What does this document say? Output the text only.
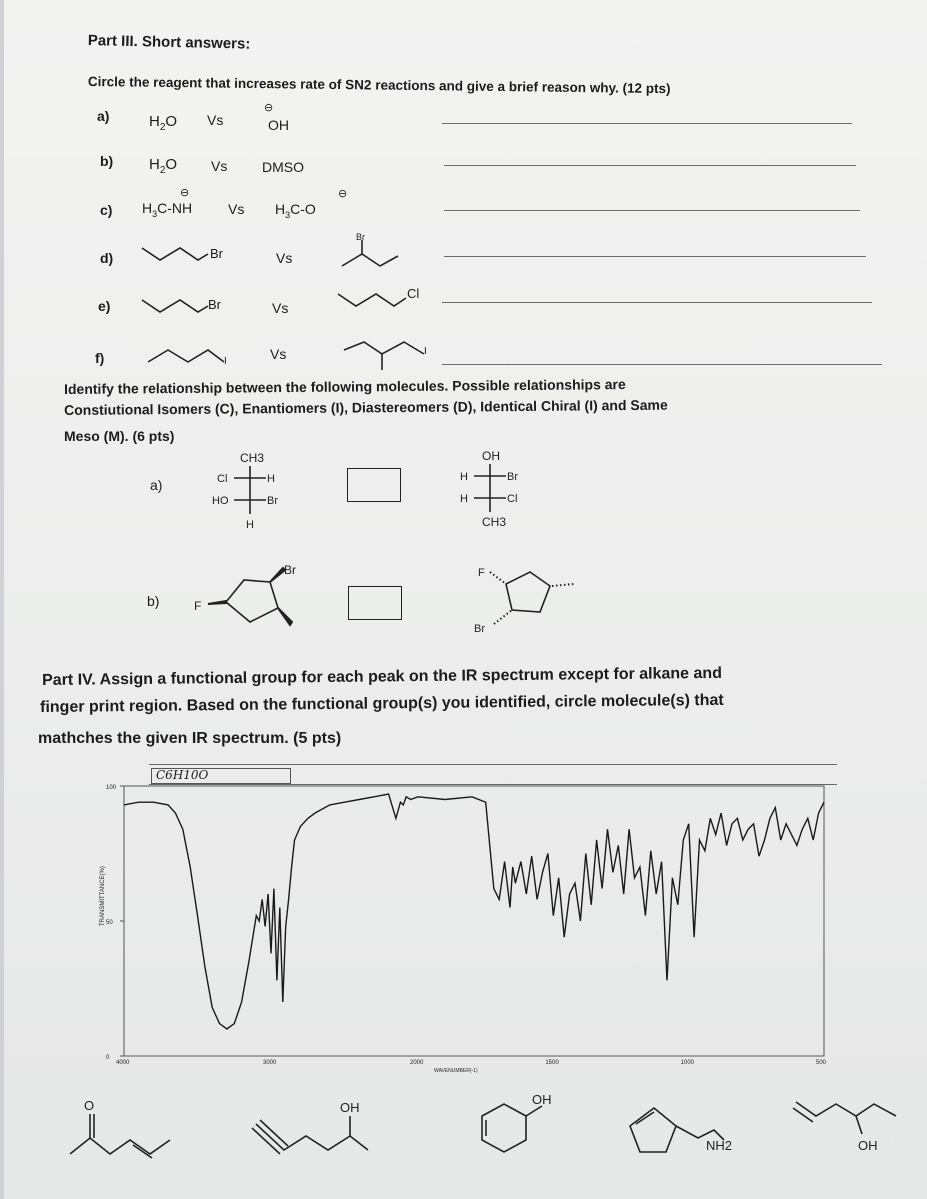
Part III. Short answers:
Circle the reagent that increases rate of SN2 reactions and give a brief reason why. (12 pts)
a)	$H_2O$ Vs
⊖
OH
b) $H_2O$ Vs DMSO
c)
⊖
$H_3C-NH$	Vs
⊖
$H_3C-O$
d)	Br	Vs
Br
e)	Br	Vs
Cl
f)	I	Vs	I
Identify the relationship between the following molecules. Possible relationships are
Constiutional Isomers (C), Enantiomers (I), Diastereomers (D), Identical Chiral (I) and Same
Meso (M). (6 pts)
a)
CH3
Cl	H
HO	Br
H
OH
H	Br
H	Cl
CH3
b)	F
Br	F
Br
Part IV. Assign a functional group for each peak on the IR spectrum except for alkane and
finger print region. Based on the functional group(s) you identified, circle molecule(s) that
mathches the given IR spectrum. (5 pts)
C6H10O
100
50
0
4000	3000	2000	1500	1000	500
TRANSMITTANCE(%)
WAVENUMBER(-1)
O	OH
OH
NH2	OH
